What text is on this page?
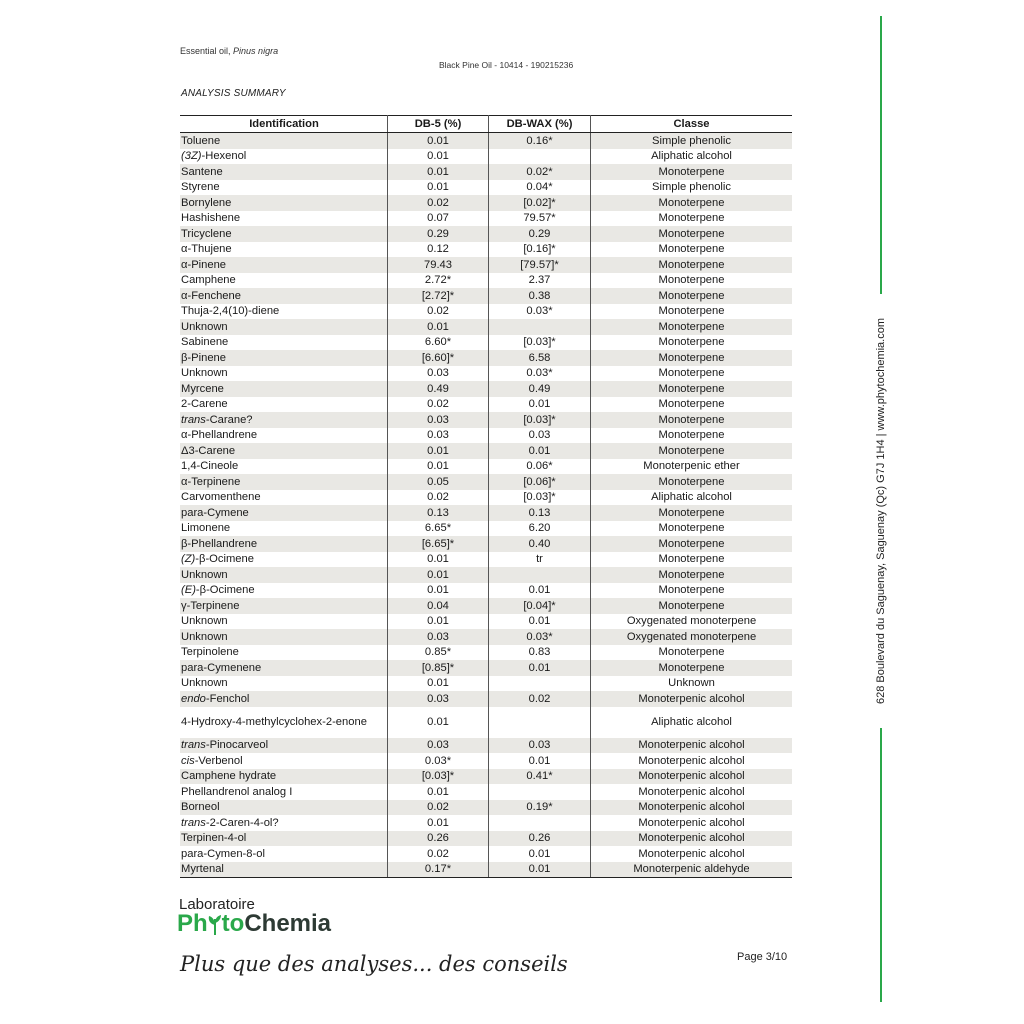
Essential oil, Pinus nigra
Black Pine Oil - 10414 - 190215236
ANALYSIS SUMMARY
Identification	DB-5 (%)	DB-WAX (%)	Classe
Toluene	0.01	0.16*	Simple phenolic
(3Z)-Hexenol	0.01		Aliphatic alcohol
Santene	0.01	0.02*	Monoterpene
Styrene	0.01	0.04*	Simple phenolic
Bornylene	0.02	[0.02]*	Monoterpene
Hashishene	0.07	79.57*	Monoterpene
Tricyclene	0.29	0.29	Monoterpene
α-Thujene	0.12	[0.16]*	Monoterpene
α-Pinene	79.43	[79.57]*	Monoterpene
Camphene	2.72*	2.37	Monoterpene
α-Fenchene	[2.72]*	0.38	Monoterpene
Thuja-2,4(10)-diene	0.02	0.03*	Monoterpene
Unknown	0.01		Monoterpene
Sabinene	6.60*	[0.03]*	Monoterpene
β-Pinene	[6.60]*	6.58	Monoterpene
Unknown	0.03	0.03*	Monoterpene
Myrcene	0.49	0.49	Monoterpene
2-Carene	0.02	0.01	Monoterpene
trans-Carane?	0.03	[0.03]*	Monoterpene
α-Phellandrene	0.03	0.03	Monoterpene
Δ3-Carene	0.01	0.01	Monoterpene
1,4-Cineole	0.01	0.06*	Monoterpenic ether
α-Terpinene	0.05	[0.06]*	Monoterpene
Carvomenthene	0.02	[0.03]*	Aliphatic alcohol
para-Cymene	0.13	0.13	Monoterpene
Limonene	6.65*	6.20	Monoterpene
β-Phellandrene	[6.65]*	0.40	Monoterpene
(Z)-β-Ocimene	0.01	tr	Monoterpene
Unknown	0.01		Monoterpene
(E)-β-Ocimene	0.01	0.01	Monoterpene
γ-Terpinene	0.04	[0.04]*	Monoterpene
Unknown	0.01	0.01	Oxygenated monoterpene
Unknown	0.03	0.03*	Oxygenated monoterpene
Terpinolene	0.85*	0.83	Monoterpene
para-Cymenene	[0.85]*	0.01	Monoterpene
Unknown	0.01		Unknown
endo-Fenchol	0.03	0.02	Monoterpenic alcohol
4-Hydroxy-4-methylcyclohex-2-enone	0.01		Aliphatic alcohol
trans-Pinocarveol	0.03	0.03	Monoterpenic alcohol
cis-Verbenol	0.03*	0.01	Monoterpenic alcohol
Camphene hydrate	[0.03]*	0.41*	Monoterpenic alcohol
Phellandrenol analog I	0.01		Monoterpenic alcohol
Borneol	0.02	0.19*	Monoterpenic alcohol
trans-2-Caren-4-ol?	0.01		Monoterpenic alcohol
Terpinen-4-ol	0.26	0.26	Monoterpenic alcohol
para-Cymen-8-ol	0.02	0.01	Monoterpenic alcohol
Myrtenal	0.17*	0.01	Monoterpenic aldehyde
628 Boulevard du Saguenay, Saguenay (Qc) G7J 1H4 | www.phytochemia.com
Laboratoire
Ph toChemia
Plus que des analyses... des conseils	Page 3/10
